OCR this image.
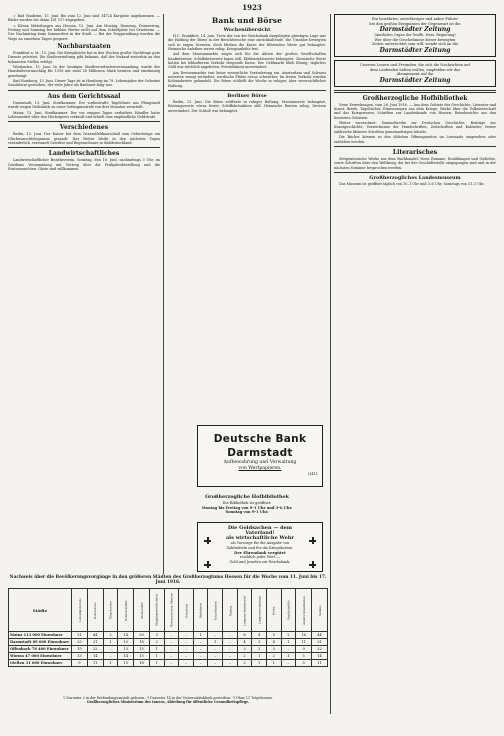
1923

= Bad Nauheim, 13. Juni. Bis zum 12. Juni sind 14724 Kurgäste angekommen. — Bäder wurden bis dahin 161 157 abgegeben.

= Kleine Mitteilungen aus Hessen, 13. Juni. Am Montag, Dienstag, Donnerstag, Freitag und Samstag bei kühlem Wetter nicht auf dem Schießplatz bei Griesheim. — Der Nachmittag beim Sommerfest in der Stadt. — Bei der Truppenübung wurden die Wege an einzelnen Tagen gesperrt.

Nachbarstaaten

Frankfurt a. M., 13. Juni. Die Kriegsküche hat in den Wochen großer Nachfrage gute Dienste geleistet. Die Stadtverwaltung gibt bekannt, daß der Verkauf weiterhin an den bekannten Stellen erfolgt.

Wiesbaden, 13. Juni. In der heutigen Stadtverordnetenversammlung wurde der Haushaltsvoranschlag für 1916 mit rund 28 Millionen Mark beraten und einstimmig genehmigt.

Bad Homburg, 13. Juni. Dieser Tage ist in Homburg im 79. Lebensjahre der Geheime Sanitätsrat gestorben, der viele Jahre als Badearzt tätig war.

Aus dem Gerichtssaal

Darmstadt, 13. Juni. Strafkammer. Der vorbestrafte Tagelöhner aus Pfungstadt wurde wegen Diebstahls zu einer Gefängnisstrafe von drei Monaten verurteilt.

Mainz, 13. Juni. Strafkammer. Der vor einigen Tagen verhaftete Händler hatte Lebensmittel über den Höchstpreis verkauft und erhielt eine empfindliche Geldstrafe.

Verschiedenes

Berlin, 13. Juni. Der Kaiser hat dem Generalfeldmarschall zum Geburtstage ein Glückwunschtelegramm gesandt. Das Wetter bleibt in den nächsten Tagen veränderlich, vereinzelt Gewitter und Regenschauer in Süddeutschland.

Landwirtschaftliches

Landwirtschaftlicher Bezirksverein. Sonntag, den 18. Juni, nachmittags 3 Uhr, im Gasthaus Versammlung mit Vortrag über die Frühjahrsbestellung und die Ernteaussichten. Gäste sind willkommen.

Bank und Börse
Wochenübersicht

H.C. Frankfurt, 14. Juni. Trotz der von der Reichsbank dargelegten günstigen Lage war die Haltung der Börse in der Berichtswoche eine zurückhaltende. Die Umsätze bewegten sich in engen Grenzen, doch blieben die Kurse der führenden Werte gut behauptet. Heimische Anleihen waren ruhig, Kriegsanleihe fest.

Auf dem Montanmarkte zeigte sich für die Aktien der großen Gesellschaften Kaufinteresse. Schiffahrtswerte lagen still, Elektrizitätswerte behauptet. Chemische Werte hatten bei lebhafterem Verkehr steigende Kurse. Der Geldmarkt blieb flüssig; tägliches Geld war reichlich angeboten, Privatdiskont unverändert.

Am Devisenmarkte trat keine wesentliche Veränderung ein. Amsterdam und Schweiz notierten wenig verändert, nordische Plätze etwas schwächer. Im freien Verkehr wurden Kolonialwerte gehandelt. Die Börse schließt die Woche in ruhiger, aber zuversichtlicher Haltung.

Berliner Börse

Berlin, 13. Juni. Die Börse eröffnete in ruhiger Haltung. Montanwerte behauptet, Rüstungswerte etwas fester, Schiffahrtsaktien still. Heimische Renten ruhig; Devisen unverändert. Der Schluß war behauptet.

Deutsche Bank Darmstadt
Aufbewahrung und Verwaltung
von Wertpapieren.
(3411
Großherzogliche Hofbibliothek
Die Bibliothek ist geöffnet:
Montag bis Freitag von 9–1 Uhr und 3–6 Uhr.
Sonntag von 9–1 Uhr.
Die Goldsachen — dem
Vaterland!
als wirtschaftliche Wehr
als Vorsorge für die Ausgabe von
Zahlmitteln und für die Kriegskosten.
Der Ehrendank vergütet
reichlich jeder Wert —
Gold und Juwelen zur Reichsbank.
Ein bewährter, zuverlässiger und naher Führer
bei den großen Ereignissen der Gegenwart ist die
Darmstädter Zeitung
(Amtliches Organ der Großh. Hess. Regierung)
Wer über die Geschehnisse dieser bewegten
Zeiten unterrichtet sein will, wende sich an die
Darmstädter Zeitung
Unseren Lesern und Freunden, die sich die Nachrichten auf
dem Laufenden halten wollen, empfehlen wir das
Abonnement auf die
Darmstädter Zeitung
Großherzogliche Hofbibliothek

Neue Erwerbungen, vom 26. Juni 1916. — Aus dem Gebiete der Geschichte, Literatur und Kunst: Briefe, Tagebücher, Erinnerungen aus dem Kriege; Werke über die Volkswirtschaft und das Kriegswesen; Schriften zur Landeskunde von Hessen; Reiseberichte aus den besetzten Gebieten.

Weiter verzeichnet: Sammelwerke zur Deutschen Geschichte, Beiträge zur Kunstgeschichte, Verzeichnisse der Handschriften, Zeitschriften und Kalender; ferner zahlreiche kleinere Schriften gemeinnützigen Inhalts.

Die Bücher können zu den üblichen Öffnungszeiten im Lesesaale eingesehen oder entliehen werden.

Literarisches

Zeitgenössische Werke aus dem Buchhandel: Neue Romane, Erzählungen und Gedichte, sowie Schriften über den Weltkrieg, die bei der Geschäftsstelle eingegangen sind und in der nächsten Nummer besprochen werden.

Großherzogliches Landesmuseum

Das Museum ist geöffnet täglich von 10–1 Uhr und 3–6 Uhr; Sonntags von 11–1 Uhr.

Nachweis über die Bevölkerungsvorgänge in den größeren Städten des Großherzogtums Hessen für die Woche vom 11. Juni bis 17. Juni 1916.
Städte	Lebendgeborene	Gestorbene	Totgeborene	Geburtenziffer	Sterbeziffer	Säuglingssterblichkeit	Todesursachen: Masern	Scharlach	Diphtherie	Keuchhusten	Typhus	Lungenschwindsucht	Lungenentzündung	Krebs	Unglücksfälle	Andere Krankheiten	Summe
Mainz 113 000 Einwohner	31	44	2	14	20	3	–	–	1	–	–	6	4	5	2	16	44
Darmstadt 89 000 Einwohner	25	31	1	15	18	2	–	–	–	1	–	4	3	4	1	11	31
Offenbach 78 400 Einwohner	19	22	–	13	15	1	–	–	–	–	–	3	2	3	–	9	22
Worms 47 000 Einwohner	13	14	–	14	15	1	–	–	–	–	–	2	1	2	1	5	14
Gießen 31 000 Einwohner	9	11	1	15	18	1	–	–	–	–	–	2	1	1	–	5	11
¹) Darunter 2 in der Entbindungsanstalt geboren. ²) Darunter 14 in der Universitätsklinik gestorben. ³) Ohne 11 Totgeborene.
Großherzogliches Ministerium des Innern, Abteilung für öffentliche Gesundheitspflege.
